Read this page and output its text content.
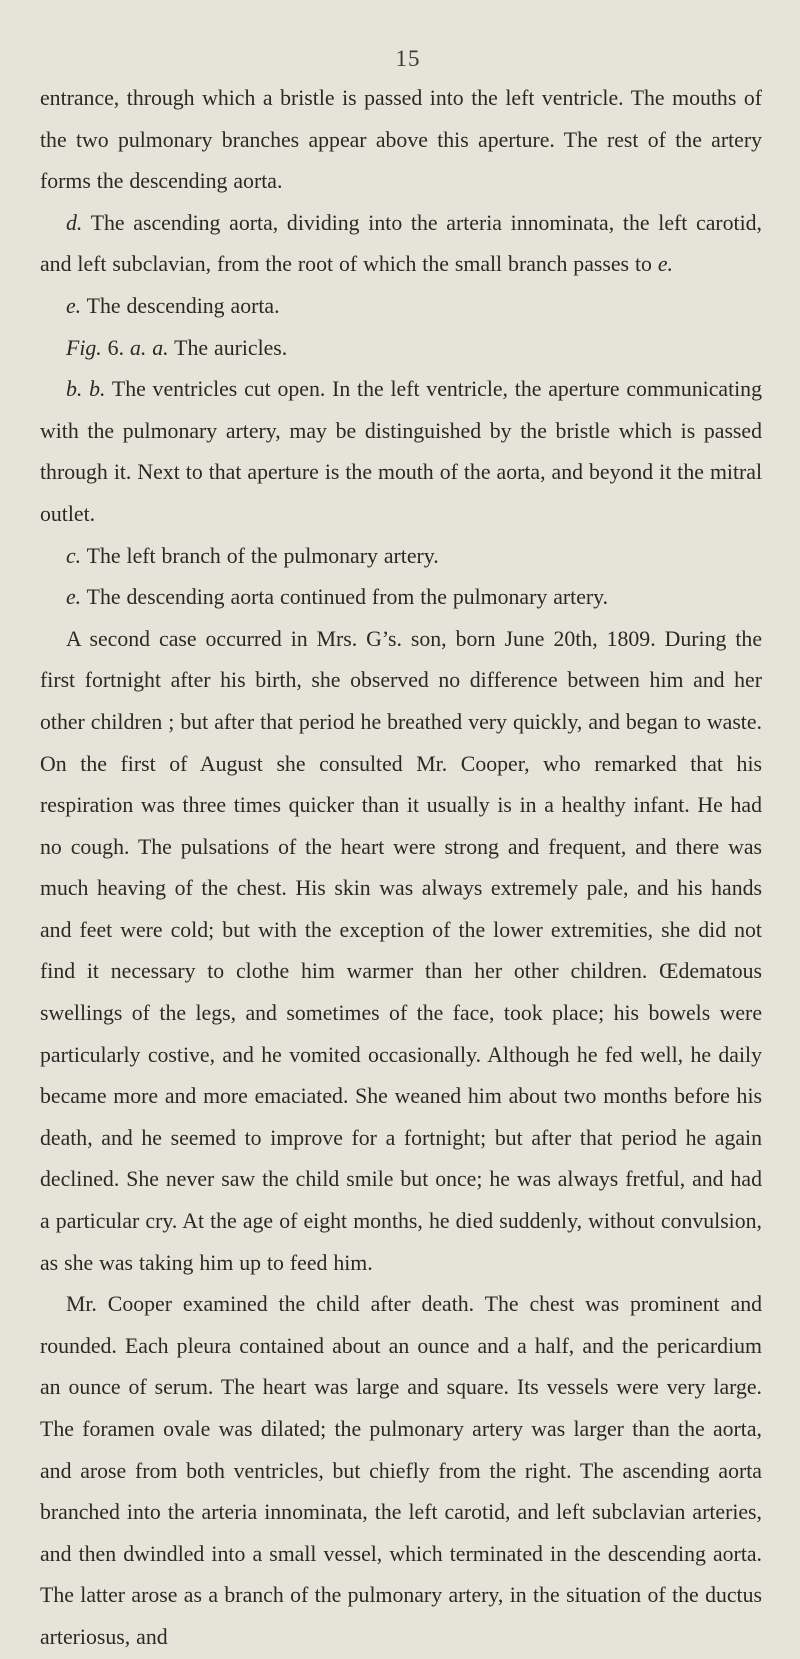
15

entrance, through which a bristle is passed into the left ventricle. The mouths of the two pulmonary branches appear above this aperture. The rest of the artery forms the descending aorta.

d. The ascending aorta, dividing into the arteria innominata, the left carotid, and left subclavian, from the root of which the small branch passes to e.

e. The descending aorta.

Fig. 6. a. a. The auricles.

b. b. The ventricles cut open. In the left ventricle, the aperture communicating with the pulmonary artery, may be distinguished by the bristle which is passed through it. Next to that aperture is the mouth of the aorta, and beyond it the mitral outlet.

c. The left branch of the pulmonary artery.

e. The descending aorta continued from the pulmonary artery.

A second case occurred in Mrs. G’s. son, born June 20th, 1809. During the first fortnight after his birth, she observed no difference between him and her other children ; but after that period he breathed very quickly, and began to waste. On the first of August she consulted Mr. Cooper, who remarked that his respiration was three times quicker than it usually is in a healthy infant. He had no cough. The pulsations of the heart were strong and frequent, and there was much heaving of the chest. His skin was always extremely pale, and his hands and feet were cold; but with the exception of the lower extremities, she did not find it necessary to clothe him warmer than her other children. Œdematous swellings of the legs, and sometimes of the face, took place; his bowels were particularly costive, and he vomited occasionally. Although he fed well, he daily became more and more emaciated. She weaned him about two months before his death, and he seemed to improve for a fortnight; but after that period he again declined. She never saw the child smile but once; he was always fretful, and had a particular cry. At the age of eight months, he died suddenly, without convulsion, as she was taking him up to feed him.

Mr. Cooper examined the child after death. The chest was prominent and rounded. Each pleura contained about an ounce and a half, and the pericardium an ounce of serum. The heart was large and square. Its vessels were very large. The foramen ovale was dilated; the pulmonary artery was larger than the aorta, and arose from both ventricles, but chiefly from the right. The ascending aorta branched into the arteria innominata, the left carotid, and left subclavian arteries, and then dwindled into a small vessel, which terminated in the descending aorta. The latter arose as a branch of the pulmonary artery, in the situation of the ductus arteriosus, and
